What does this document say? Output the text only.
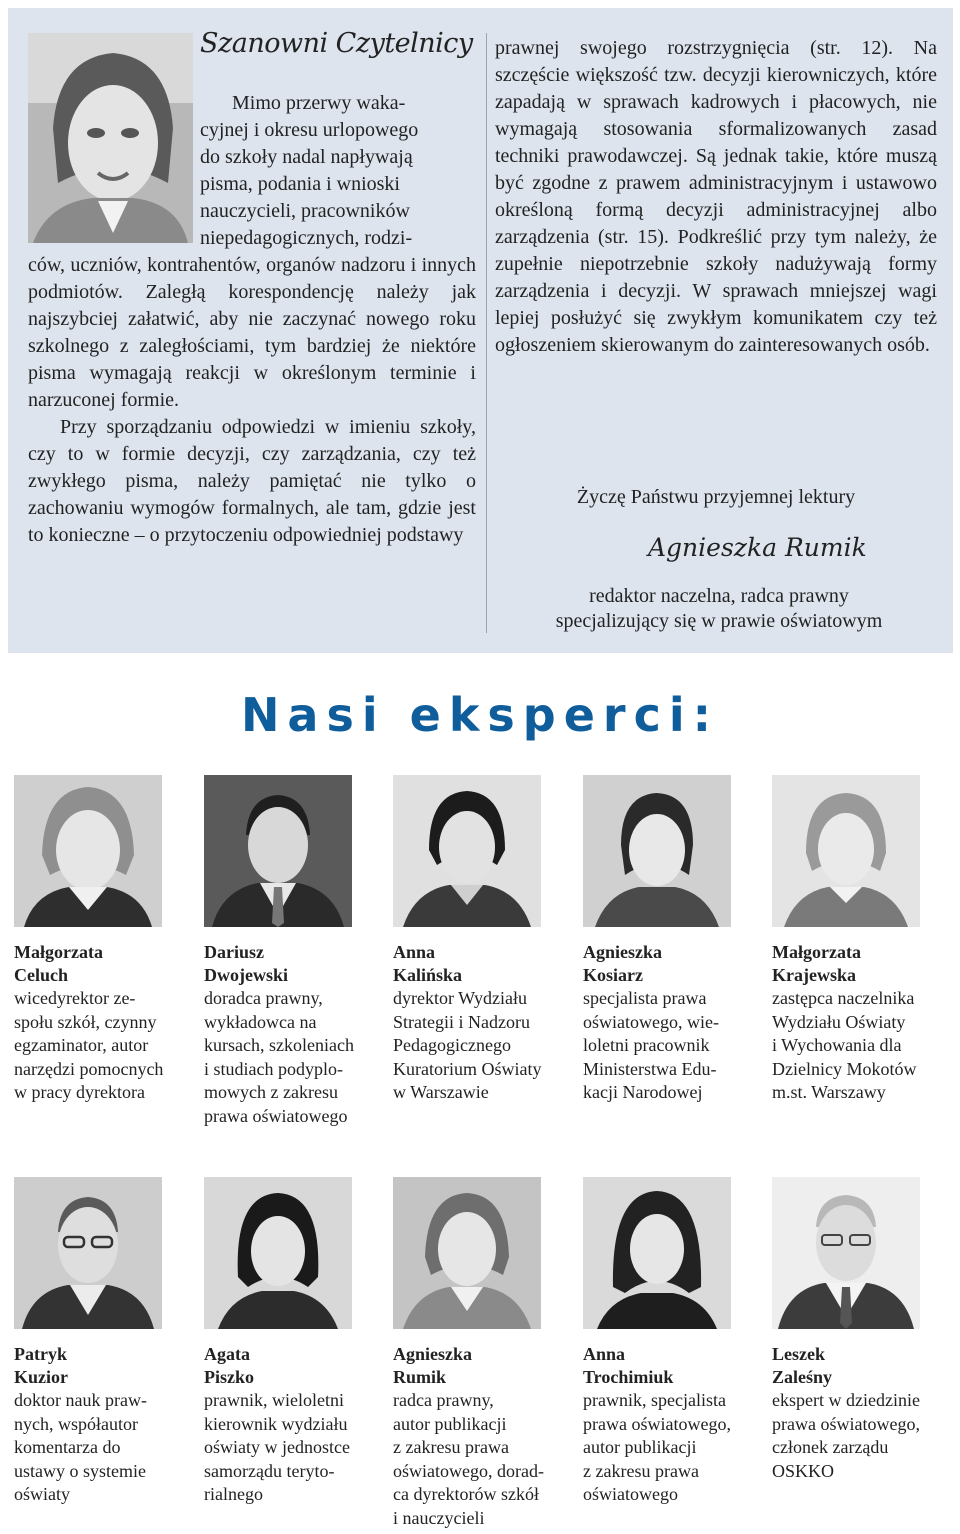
Szanowni Czytelnicy
Mimo przerwy waka-
cyjnej i okresu urlopowego
do szkoły nadal napływają
pisma, podania i wnioski
nauczycieli, pracowników
niepedagogicznych, rodzi-

ców, uczniów, kontrahentów, organów nadzoru i innych podmiotów. Zaległą korespondencję należy jak najszybciej załatwić, aby nie zaczynać nowego roku szkolnego z zaległościami, tym bardziej że niektóre pisma wymagają reakcji w określonym terminie i narzuconej formie.

Przy sporządzaniu odpowiedzi w imieniu szkoły, czy to w formie decyzji, czy zarządzania, czy też zwykłego pisma, należy pamiętać nie tylko o zachowaniu wymogów formalnych, ale tam, gdzie jest to konieczne – o przytoczeniu odpowiedniej podstawy

prawnej swojego rozstrzygnięcia (str. 12). Na szczęście większość tzw. decyzji kierowniczych, które zapadają w sprawach kadrowych i płacowych, nie wymagają stosowania sformalizowanych zasad techniki prawodawczej. Są jednak takie, które muszą być zgodne z prawem administracyjnym i ustawowo określoną formą decyzji administracyjnej albo zarządzenia (str. 15). Podkreślić przy tym należy, że zupełnie niepotrzebnie szkoły nadużywają formy zarządzenia i decyzji. W sprawach mniejszej wagi lepiej posłużyć się zwykłym komunikatem czy też ogłoszeniem skierowanym do zainteresowanych osób.

Życzę Państwu przyjemnej lektury
Agnieszka Rumik
redaktor naczelna, radca prawny
specjalizujący się w prawie oświatowym
Nasi eksperci:
Małgorzata
Celuch
wicedyrektor ze-
społu szkół, czynny
egzaminator, autor
narzędzi pomocnych
w pracy dyrektora
Dariusz
Dwojewski
doradca prawny,
wykładowca na
kursach, szkoleniach
i studiach podyplo-
mowych z zakresu
prawa oświatowego
Anna
Kalińska
dyrektor Wydziału
Strategii i Nadzoru
Pedagogicznego
Kuratorium Oświaty
w Warszawie
Agnieszka
Kosiarz
specjalista prawa
oświatowego, wie-
loletni pracownik
Ministerstwa Edu-
kacji Narodowej
Małgorzata
Krajewska
zastępca naczelnika
Wydziału Oświaty
i Wychowania dla
Dzielnicy Mokotów
m.st. Warszawy
Patryk
Kuzior
doktor nauk praw-
nych, współautor
komentarza do
ustawy o systemie
oświaty
Agata
Piszko
prawnik, wieloletni
kierownik wydziału
oświaty w jednostce
samorządu teryto-
rialnego
Agnieszka
Rumik
radca prawny,
autor publikacji
z zakresu prawa
oświatowego, dorad-
ca dyrektorów szkół
i nauczycieli
Anna
Trochimiuk
prawnik, specjalista
prawa oświatowego,
autor publikacji
z zakresu prawa
oświatowego
Leszek
Zaleśny
ekspert w dziedzinie
prawa oświatowego,
członek zarządu
OSKKO
